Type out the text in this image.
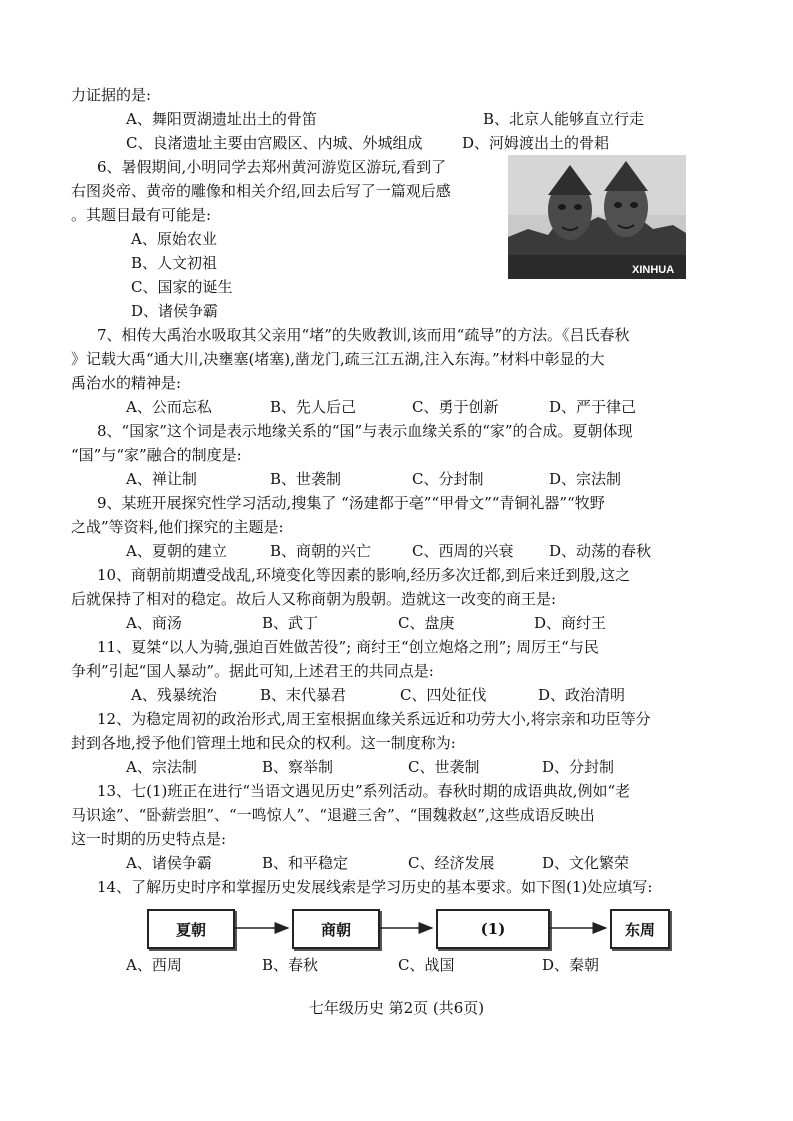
力证据的是:
A、舞阳贾湖遗址出土的骨笛	B、北京人能够直立行走
C、良渚遗址主要由宫殿区、内城、外城组成	D、河姆渡出土的骨耜
6、暑假期间,小明同学去郑州黄河游览区游玩,看到了
右图炎帝、黄帝的雕像和相关介绍,回去后写了一篇观后感
。其题目最有可能是:
A、原始农业
B、人文初祖
C、国家的诞生
D、诸侯争霸
XINHUA
7、相传大禹治水吸取其父亲用“堵”的失败教训,该而用“疏导”的方法。《吕氏春秋
》记载大禹“通大川,决壅塞(堵塞),凿龙门,疏三江五湖,注入东海。”材料中彰显的大
禹治水的精神是:
A、公而忘私	B、先人后己	C、勇于创新	D、严于律己
8、“国家”这个词是表示地缘关系的“国”与表示血缘关系的“家”的合成。夏朝体现
“国”与“家”融合的制度是:
A、禅让制	B、世袭制	C、分封制	D、宗法制
9、某班开展探究性学习活动,搜集了 “汤建都于亳”“甲骨文”“青铜礼器”“牧野
之战”等资料,他们探究的主题是:
A、夏朝的建立	B、商朝的兴亡	C、西周的兴衰 D、动荡的春秋
10、商朝前期遭受战乱,环境变化等因素的影响,经历多次迁都,到后来迁到殷,这之
后就保持了相对的稳定。故后人又称商朝为殷朝。造就这一改变的商王是:
A、商汤	B、武丁	C、盘庚	D、商纣王
11、夏桀“以人为骑,强迫百姓做苦役”; 商纣王“创立炮烙之刑”; 周厉王“与民
争利”引起“国人暴动”。据此可知,上述君王的共同点是:
A、残暴统治	B、末代暴君	C、四处征伐	D、政治清明
12、为稳定周初的政治形式,周王室根据血缘关系远近和功劳大小,将宗亲和功臣等分
封到各地,授予他们管理土地和民众的权利。这一制度称为:
A、宗法制	B、察举制	C、世袭制	D、分封制
13、七(1)班正在进行“当语文遇见历史”系列活动。春秋时期的成语典故,例如“老
马识途”、“卧薪尝胆”、“一鸣惊人”、“退避三舍”、“围魏救赵”,这些成语反映出
这一时期的历史特点是:
A、诸侯争霸	B、和平稳定	C、经济发展	D、文化繁荣
14、了解历史时序和掌握历史发展线索是学习历史的基本要求。如下图(1)处应填写:
夏朝	商朝	(1)	东周
A、西周	B、春秋	C、战国	D、秦朝
七年级历史 第2页 (共6页)
